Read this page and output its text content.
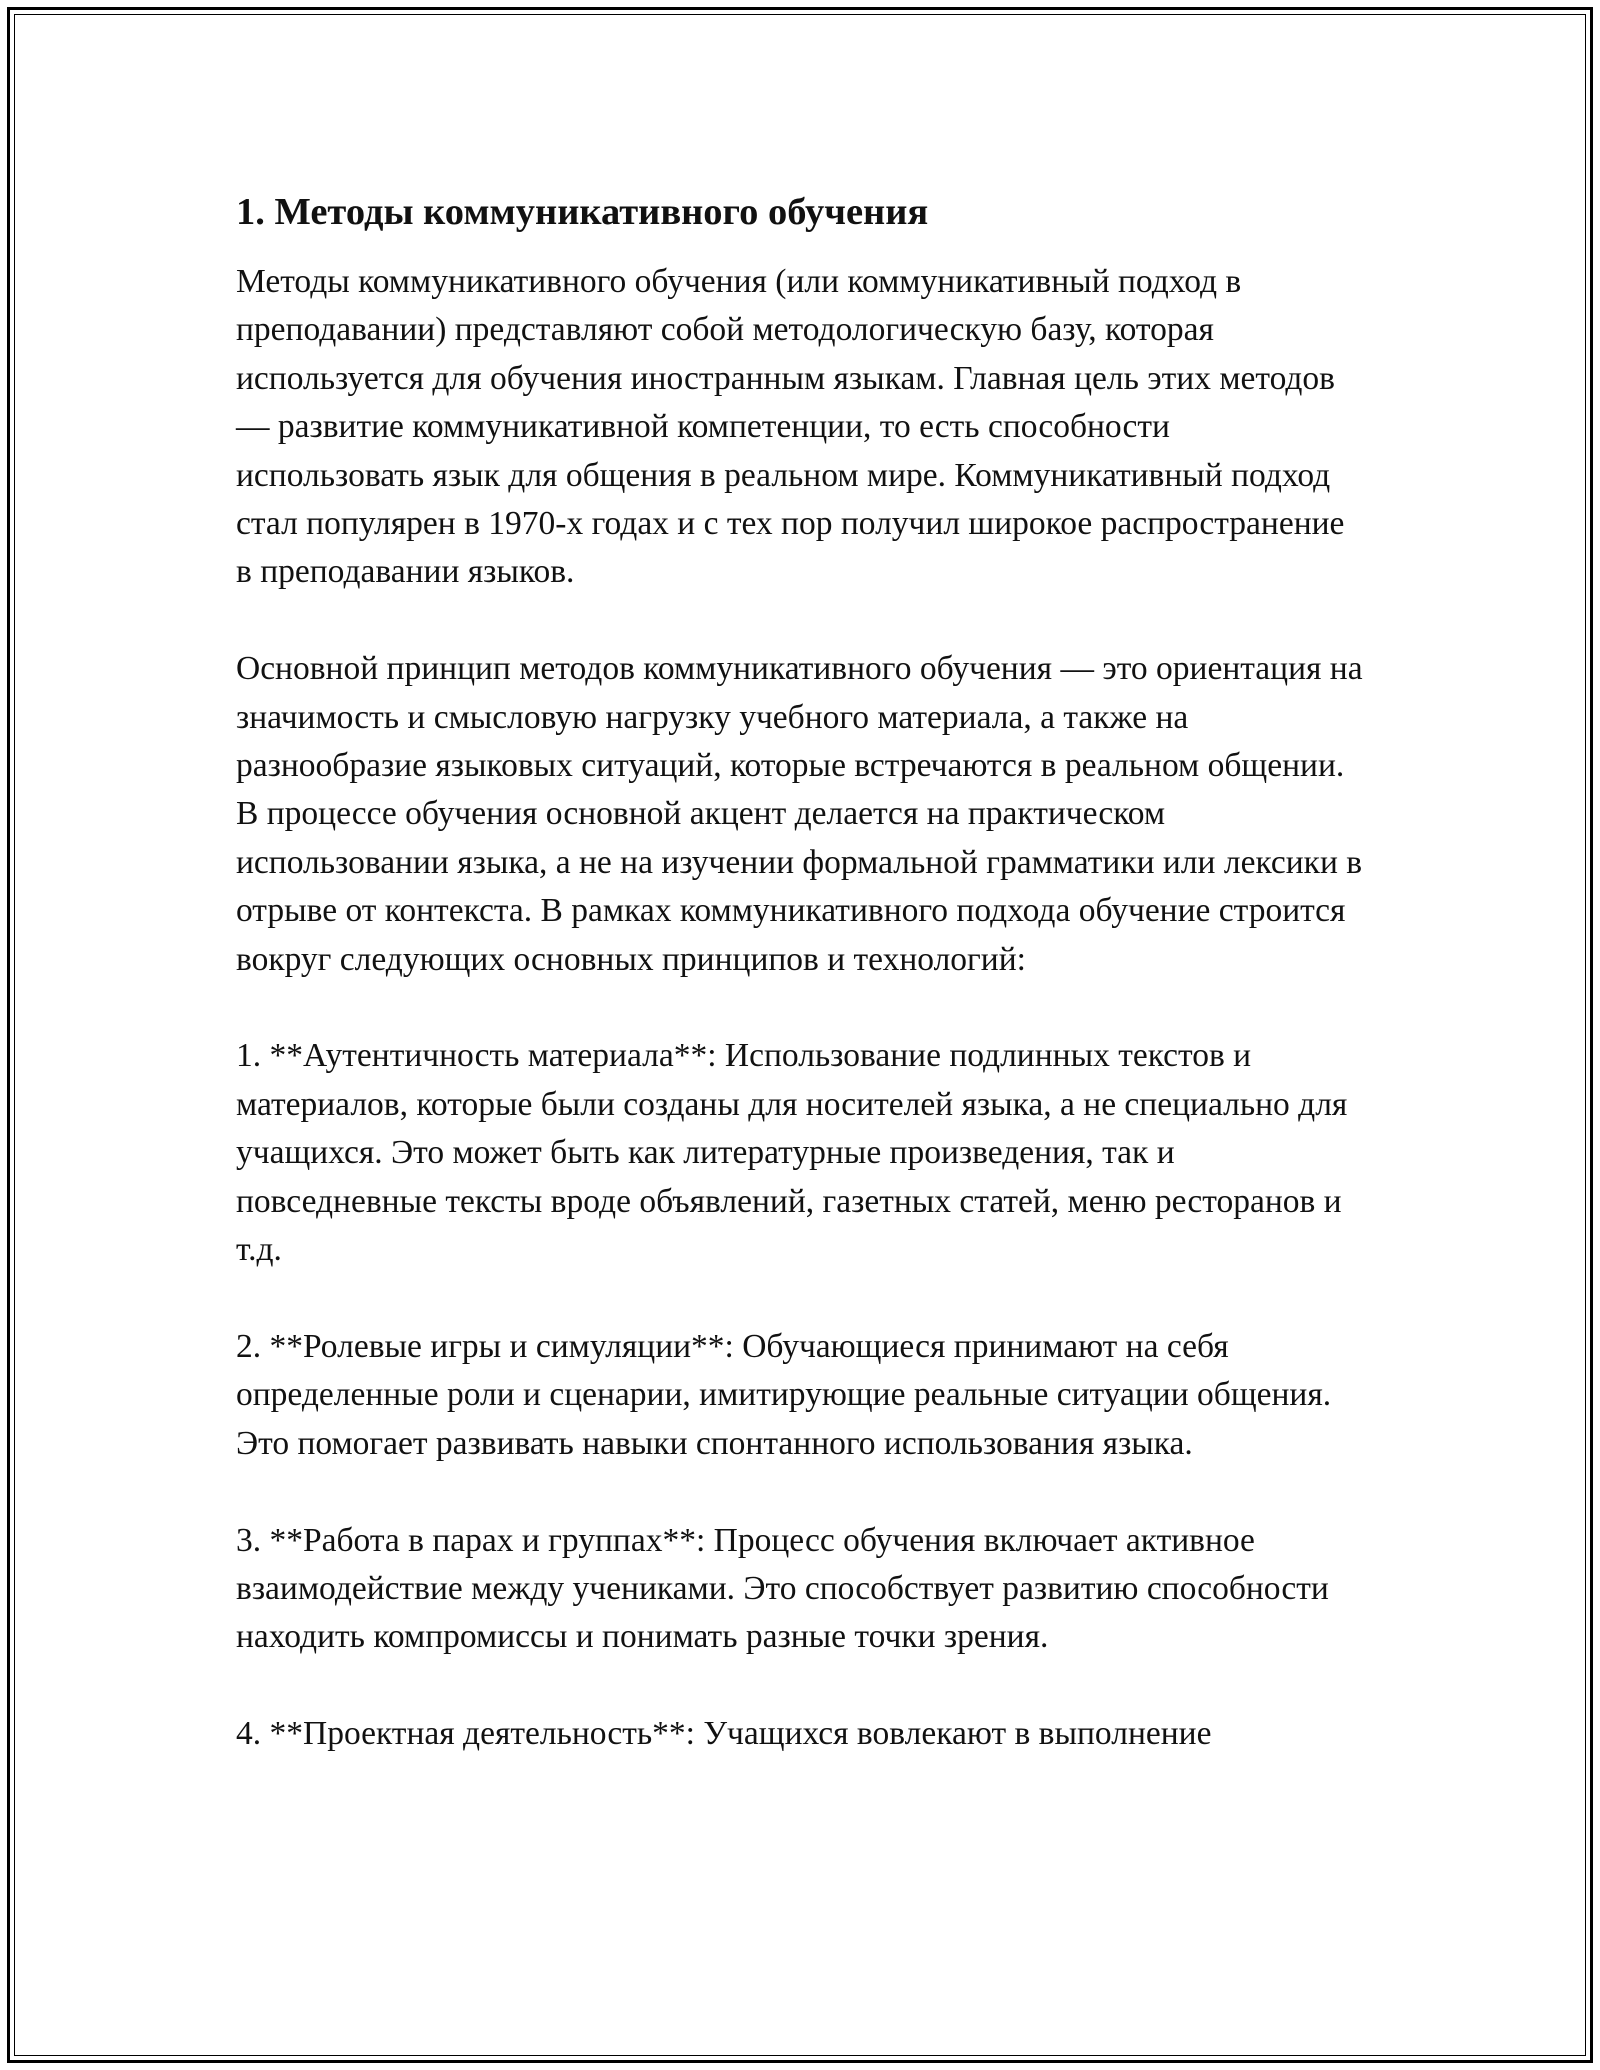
1. Методы коммуникативного обучения

Методы коммуникативного обучения (или коммуникативный подход в преподавании) представляют собой методологическую базу, которая используется для обучения иностранным языкам. Главная цель этих методов — развитие коммуникативной компетенции, то есть способности использовать язык для общения в реальном мире. Коммуникативный подход стал популярен в 1970-х годах и с тех пор получил широкое распространение в преподавании языков.

Основной принцип методов коммуникативного обучения — это ориентация на значимость и смысловую нагрузку учебного материала, а также на разнообразие языковых ситуаций, которые встречаются в реальном общении. В процессе обучения основной акцент делается на практическом использовании языка, а не на изучении формальной грамматики или лексики в отрыве от контекста. В рамках коммуникативного подхода обучение строится вокруг следующих основных принципов и технологий:

1. **Аутентичность материала**: Использование подлинных текстов и материалов, которые были созданы для носителей языка, а не специально для учащихся. Это может быть как литературные произведения, так и повседневные тексты вроде объявлений, газетных статей, меню ресторанов и т.д.

2. **Ролевые игры и симуляции**: Обучающиеся принимают на себя определенные роли и сценарии, имитирующие реальные ситуации общения. Это помогает развивать навыки спонтанного использования языка.

3. **Работа в парах и группах**: Процесс обучения включает активное взаимодействие между учениками. Это способствует развитию способности находить компромиссы и понимать разные точки зрения.

4. **Проектная деятельность**: Учащихся вовлекают в выполнение
